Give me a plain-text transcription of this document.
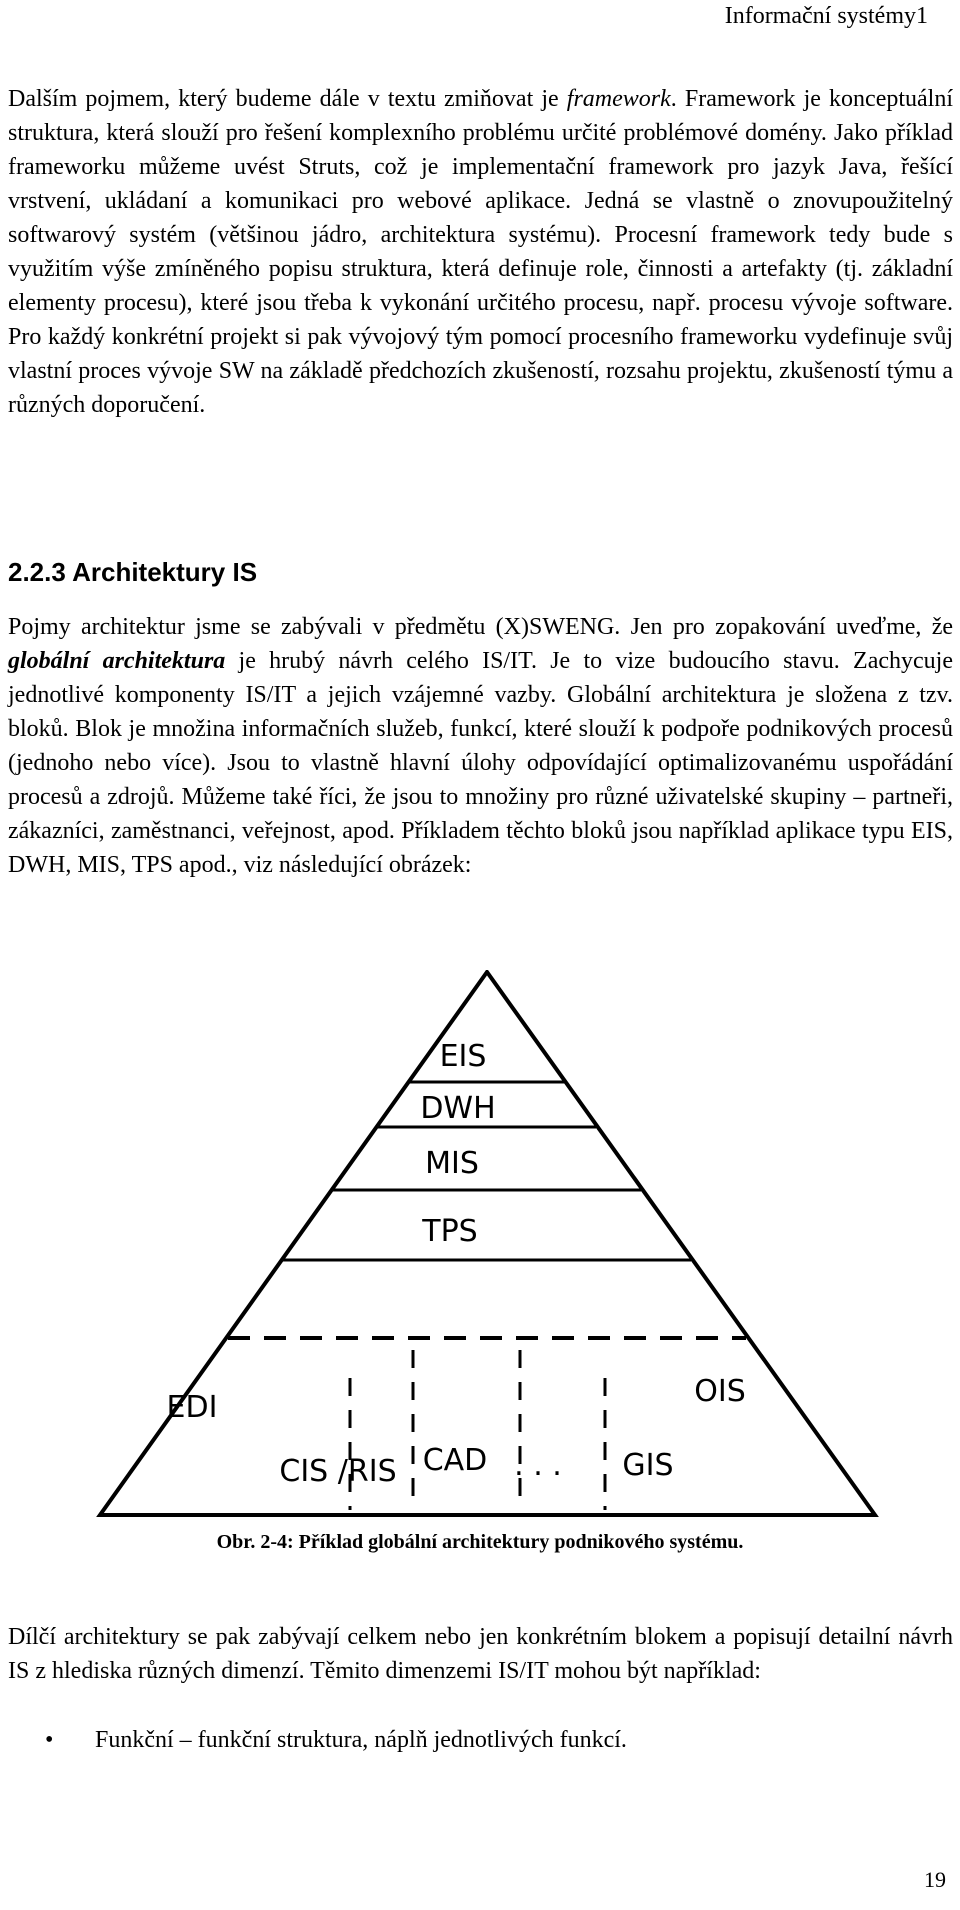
Informační systémy1

Dalším pojmem, který budeme dále v textu zmiňovat je framework. Framework je konceptuální struktura, která slouží pro řešení komplexního problému určité problémové domény. Jako příklad frameworku můžeme uvést Struts, což je implementační framework pro jazyk Java, řešící vrstvení, ukládaní a komunikaci pro webové aplikace. Jedná se vlastně o znovupoužitelný softwarový systém (většinou jádro, architektura systému). Procesní framework tedy bude s využitím výše zmíněného popisu struktura, která definuje role, činnosti a artefakty (tj. základní elementy procesu), které jsou třeba k vykonání určitého procesu, např. procesu vývoje software. Pro každý konkrétní projekt si pak vývojový tým pomocí procesního frameworku vydefinuje svůj vlastní proces vývoje SW na základě předchozích zkušeností, rozsahu projektu, zkušeností týmu a různých doporučení.

2.2.3 Architektury IS

Pojmy architektur jsme se zabývali v předmětu (X)SWENG. Jen pro zopakování uveďme, že globální architektura je hrubý návrh celého IS/IT. Je to vize budoucího stavu. Zachycuje jednotlivé komponenty IS/IT a jejich vzájemné vazby. Globální architektura je složena z tzv. bloků. Blok je množina informačních služeb, funkcí, které slouží k podpoře podnikových procesů (jednoho nebo více). Jsou to vlastně hlavní úlohy odpovídající optimalizovanému uspořádání procesů a zdrojů. Můžeme také říci, že jsou to množiny pro různé uživatelské skupiny – partneři, zákazníci, zaměstnanci, veřejnost, apod. Příkladem těchto bloků jsou například aplikace typu EIS, DWH, MIS, TPS apod., viz následující obrázek:

EIS
DWH
MIS
TPS
EDI	OIS
CIS /RIS CAD . . . GIS
Obr. 2-4: Příklad globální architektury podnikového systému.

Dílčí architektury se pak zabývají celkem nebo jen konkrétním blokem a popisují detailní návrh IS z hlediska různých dimenzí. Těmito dimenzemi IS/IT mohou být například:

• Funkční – funkční struktura, náplň jednotlivých funkcí.
19
